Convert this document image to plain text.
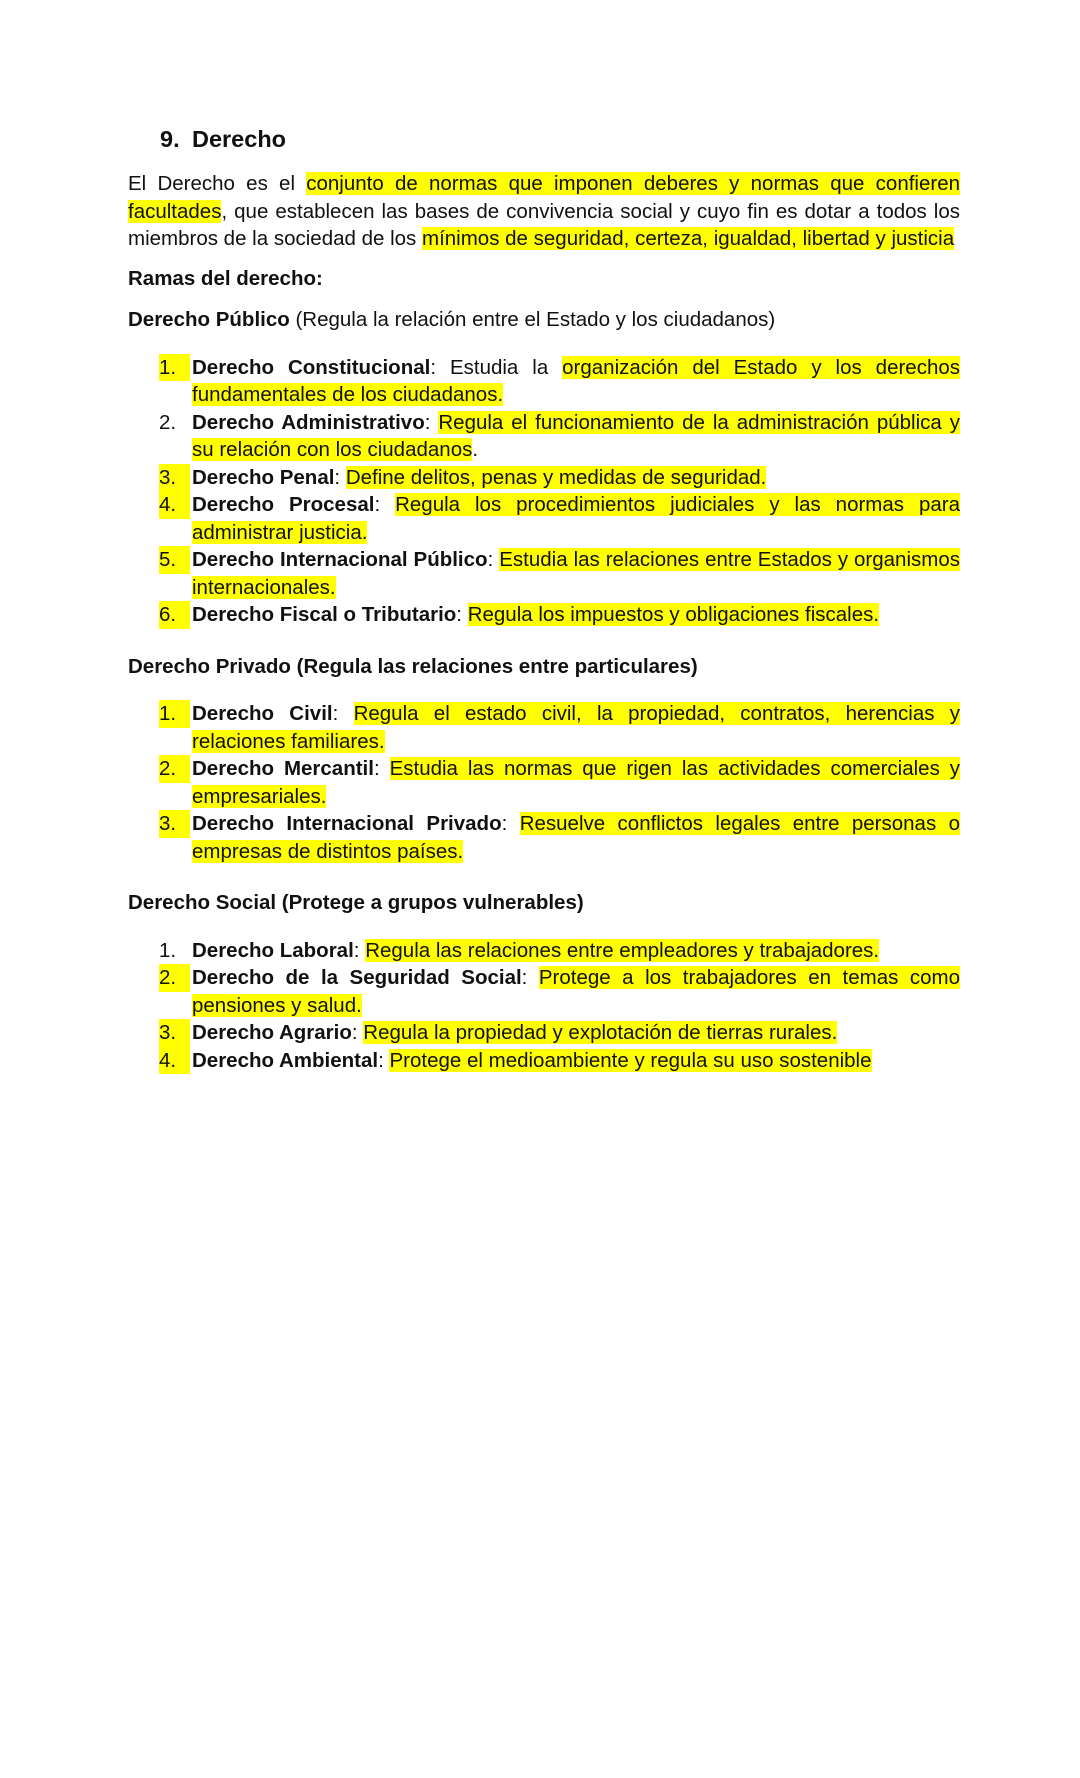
9. Derecho

El Derecho es el conjunto de normas que imponen deberes y normas que confieren facultades, que establecen las bases de convivencia social y cuyo fin es dotar a todos los miembros de la sociedad de los mínimos de seguridad, certeza, igualdad, libertad y justicia

Ramas del derecho:

Derecho Público (Regula la relación entre el Estado y los ciudadanos)

1. Derecho Constitucional: Estudia la organización del Estado y los derechos fundamentales de los ciudadanos.
2. Derecho Administrativo: Regula el funcionamiento de la administración pública y su relación con los ciudadanos.
3. Derecho Penal: Define delitos, penas y medidas de seguridad.
4. Derecho Procesal: Regula los procedimientos judiciales y las normas para administrar justicia.
5. Derecho Internacional Público: Estudia las relaciones entre Estados y organismos internacionales.
6. Derecho Fiscal o Tributario: Regula los impuestos y obligaciones fiscales.

Derecho Privado (Regula las relaciones entre particulares)

1. Derecho Civil: Regula el estado civil, la propiedad, contratos, herencias y relaciones familiares.
2. Derecho Mercantil: Estudia las normas que rigen las actividades comerciales y empresariales.
3. Derecho Internacional Privado: Resuelve conflictos legales entre personas o empresas de distintos países.

Derecho Social (Protege a grupos vulnerables)

1. Derecho Laboral: Regula las relaciones entre empleadores y trabajadores.
2. Derecho de la Seguridad Social: Protege a los trabajadores en temas como pensiones y salud.
3. Derecho Agrario: Regula la propiedad y explotación de tierras rurales.
4. Derecho Ambiental: Protege el medioambiente y regula su uso sostenible
